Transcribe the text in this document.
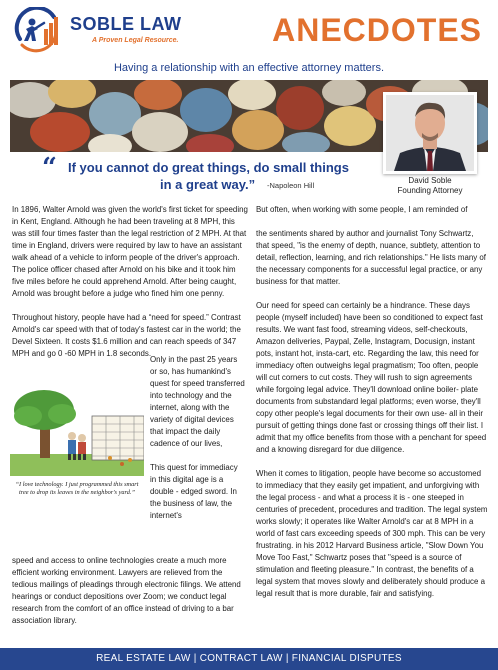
SOBLE LAW
A Proven Legal Resource.	ANECDOTES
Having a relationship with an effective attorney matters.
David Soble
Founding Attorney
“ If you cannot do great things, do small things
in a great way.” -Napoleon Hill

In 1896, Walter Arnold was given the world's first ticket for speeding in Kent, England. Although he had been traveling at 8 MPH, this was still four times faster than the legal restriction of 2 MPH. At that time in England, drivers were required by law to have an assistant walk ahead of a vehicle to inform people of the driver's approach. The police officer chased after Arnold on his bike and it took him five miles before he could apprehend Arnold. After being caught, Arnold was brought before a judge who fined him one penny.

Throughout history, people have had a “need for speed.” Contrast Arnold's car speed with that of today's fastest car in the world; the Devel Sixteen. It costs $1.6 million and can reach speeds of 347 MPH and go 0 -60 MPH in 1.8 seconds.

“I love technology. I just programmed this smart tree to drop its leaves in the neighbor's yard.”

Only in the past 25 years or so, has humankind's quest for speed transferred into technology and the internet, along with the variety of digital devices that impact the daily cadence of our lives,

This quest for immediacy in this digital age is a double - edged sword. In the business of law, the internet's

speed and access to online technologies create a much more efficient working environment. Lawyers are relieved from the tedious mailings of pleadings through electronic filings. We attend hearings or conduct depositions over Zoom; we conduct legal research from the comfort of an office instead of driving to a bar association library.

But often, when working with some people, I am reminded of

the sentiments shared by author and journalist Tony Schwartz, that speed, "is the enemy of depth, nuance, subtlety, attention to detail, reflection, learning, and rich relationships." He lists many of the necessary components for a successful legal practice, or any business for that matter.

Our need for speed can certainly be a hindrance. These days people (myself included) have been so conditioned to expect fast results. We want fast food, streaming videos, self-checkouts, Amazon deliveries, Paypal, Zelle, Instagram, Docusign, instant pots, instant hot, insta-cart, etc. Regarding the law, this need for immediacy often outweighs legal pragmatism; Too often, people will cut corners to cut costs. They will rush to sign agreements while forgoing legal advice. They'll download online boiler- plate documents from substandard legal platforms; even worse, they'll copy other people's legal documents for their own use- all in their pursuit of getting things done fast or crossing things off their list. I admit that my office benefits from those with a penchant for speed and a knowing disregard for due diligence.

When it comes to litigation, people have become so accustomed to immediacy that they easily get impatient, and unforgiving with the legal process - and what a process it is - one steeped in centuries of precedent, procedures and tradition. The legal system works slowly; it operates like Walter Arnold's car at 8 MPH in a world of fast cars exceeding speeds of 300 mph. This can be very frustrating. in his 2012 Harvard Business article, "Slow Down You Move Too Fast," Schwartz poses that "speed is a source of stimulation and fleeting pleasure." In contrast, the benefits of a legal system that moves slowly and deliberately should produce a legal result that is more durable, fair and satisfying.

REAL ESTATE LAW | CONTRACT LAW | FINANCIAL DISPUTES
